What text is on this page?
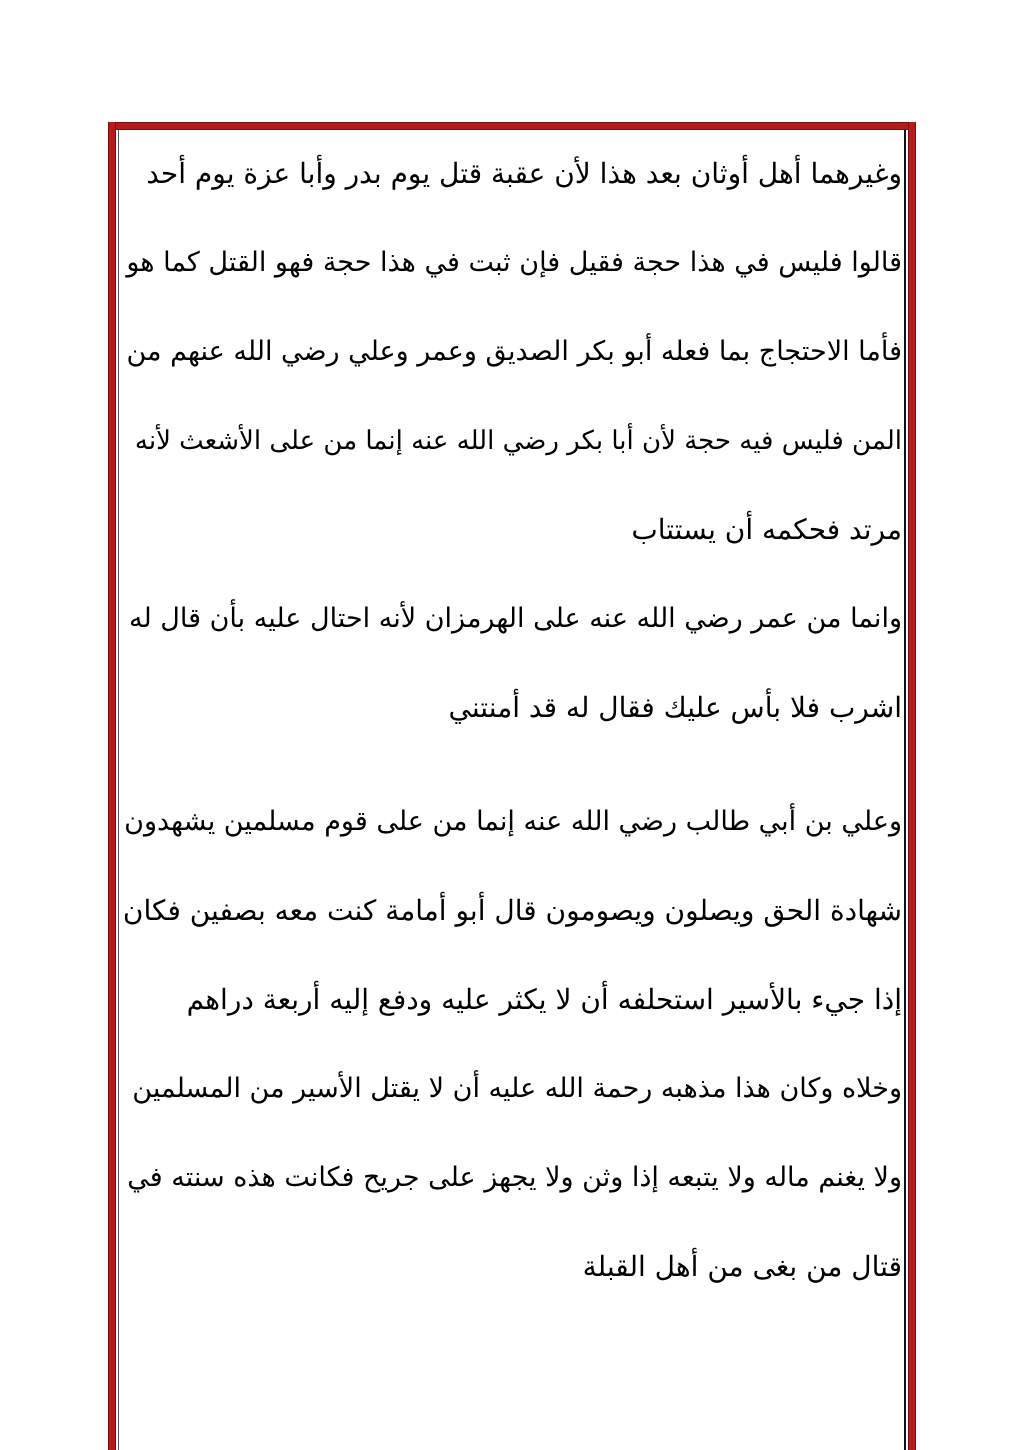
وغيرهما أهل أوثان بعد هذا لأن عقبة قتل يوم بدر وأبا عزة يوم أحد
قالوا فليس في هذا حجة فقيل فإن ثبت في هذا حجة فهو القتل كما هو
فأما الاحتجاج بما فعله أبو بكر الصديق وعمر وعلي رضي الله عنهم من
المن فليس فيه حجة لأن أبا بكر رضي الله عنه إنما من على الأشعث لأنه
مرتد فحكمه أن يستتاب
وانما من عمر رضي الله عنه على الهرمزان لأنه احتال عليه بأن قال له
اشرب فلا بأس عليك فقال له قد أمنتني
وعلي بن أبي طالب رضي الله عنه إنما من على قوم مسلمين يشهدون
شهادة الحق ويصلون ويصومون قال أبو أمامة كنت معه بصفين فكان
إذا جيء بالأسير استحلفه أن لا يكثر عليه ودفع إليه أربعة دراهم
وخلاه وكان هذا مذهبه رحمة الله عليه أن لا يقتل الأسير من المسلمين
ولا يغنم ماله ولا يتبعه إذا وثن ولا يجهز على جريح فكانت هذه سنته في
قتال من بغى من أهل القبلة
